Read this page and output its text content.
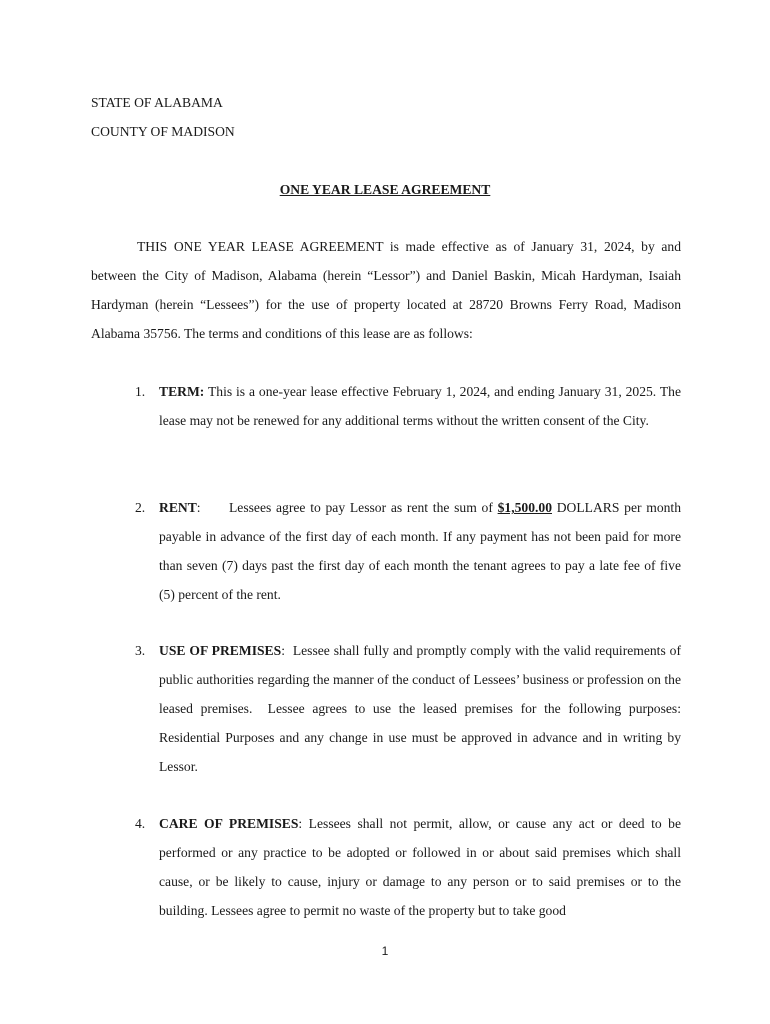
STATE OF ALABAMA
COUNTY OF MADISON
ONE YEAR LEASE AGREEMENT

THIS ONE YEAR LEASE AGREEMENT is made effective as of January 31, 2024, by and between the City of Madison, Alabama (herein “Lessor”) and Daniel Baskin, Micah Hardyman, Isaiah Hardyman (herein “Lessees”) for the use of property located at 28720 Browns Ferry Road, Madison Alabama 35756. The terms and conditions of this lease are as follows:

1. TERM: This is a one-year lease effective February 1, 2024, and ending January 31, 2025. The lease may not be renewed for any additional terms without the written consent of the City.

2. RENT:      Lessees agree to pay Lessor as rent the sum of $1,500.00 DOLLARS per month payable in advance of the first day of each month. If any payment has not been paid for more than seven (7) days past the first day of each month the tenant agrees to pay a late fee of five (5) percent of the rent.

3. USE OF PREMISES:  Lessee shall fully and promptly comply with the valid requirements of public authorities regarding the manner of the conduct of Lessees’ business or profession on the leased premises.  Lessee agrees to use the leased premises for the following purposes: Residential Purposes and any change in use must be approved in advance and in writing by Lessor.

4. CARE OF PREMISES: Lessees shall not permit, allow, or cause any act or deed to be performed or any practice to be adopted or followed in or about said premises which shall cause, or be likely to cause, injury or damage to any person or to said premises or to the building. Lessees agree to permit no waste of the property but to take good

1
